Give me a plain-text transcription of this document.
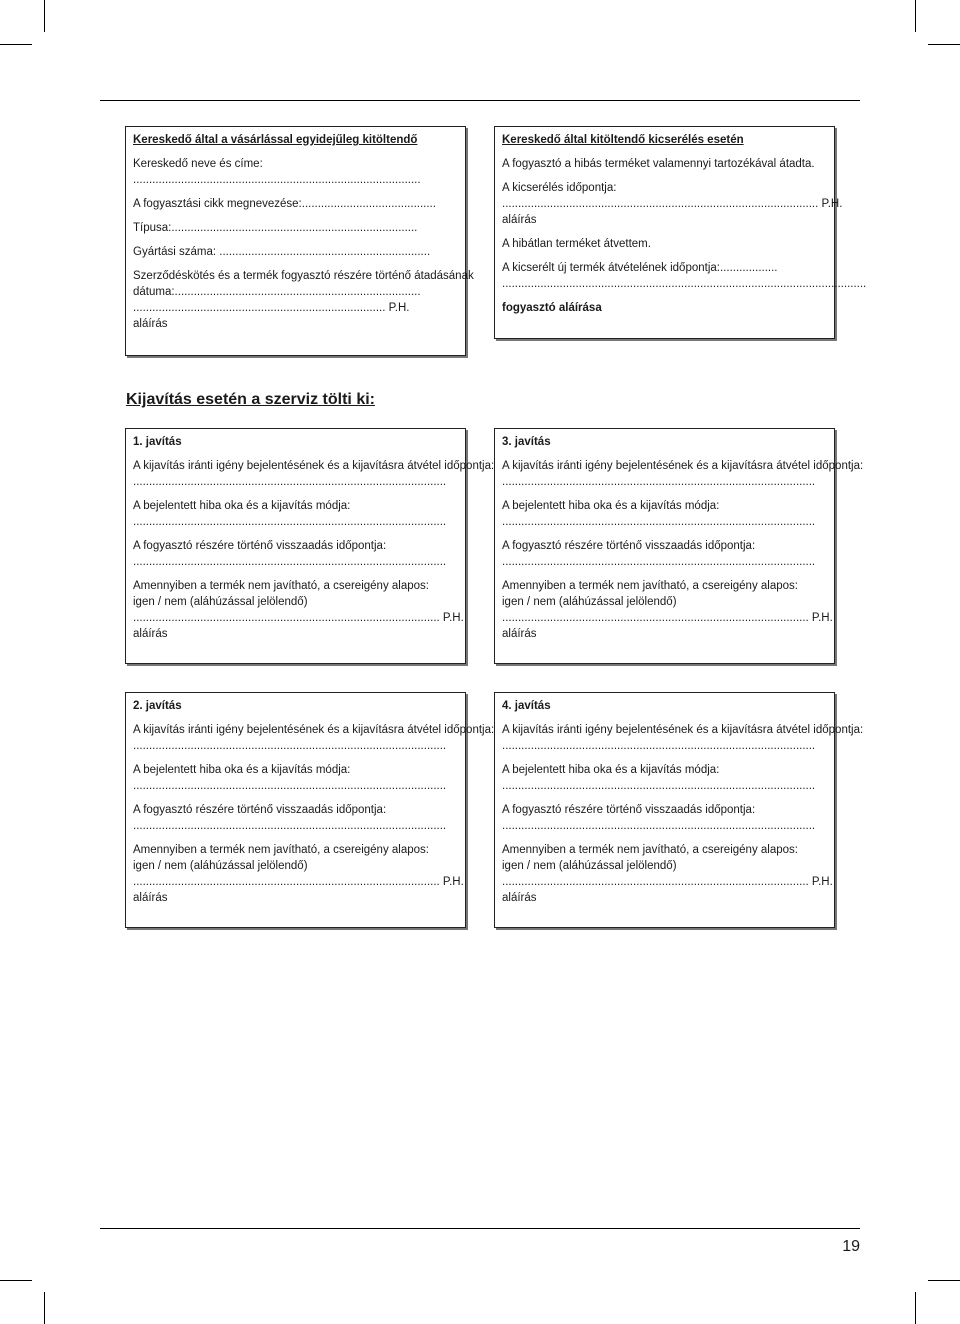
Kereskedő által a vásárlással egyidejűleg kitöltendő
Kereskedő neve és címe:
..........................................................................................
A fogyasztási cikk megnevezése:..........................................
Típusa:.............................................................................
Gyártási száma: ..................................................................
Szerződéskötés és a termék fogyasztó részére történő átadásának
dátuma:.............................................................................
............................................................................... P.H.
aláírás
Kereskedő által kitöltendő kicserélés esetén
A fogyasztó a hibás terméket valamennyi tartozékával átadta.
A kicserélés időpontja:
................................................................................................... P.H.
aláírás
A hibátlan terméket átvettem.
A kicserélt új termék átvételének időpontja:..................
..................................................................................................................
fogyasztó aláírása
Kijavítás esetén a szerviz tölti ki:
1. javítás
A kijavítás iránti igény bejelentésének és a kijavításra átvétel időpontja:
..................................................................................................
A bejelentett hiba oka és a kijavítás módja:
..................................................................................................
A fogyasztó részére történő visszaadás időpontja:
..................................................................................................
Amennyiben a termék nem javítható, a csereigény alapos:
igen / nem (aláhúzással jelölendő)
................................................................................................ P.H.
aláírás
3. javítás
A kijavítás iránti igény bejelentésének és a kijavításra átvétel időpontja:
..................................................................................................
A bejelentett hiba oka és a kijavítás módja:
..................................................................................................
A fogyasztó részére történő visszaadás időpontja:
..................................................................................................
Amennyiben a termék nem javítható, a csereigény alapos:
igen / nem (aláhúzással jelölendő)
................................................................................................ P.H.
aláírás
2. javítás
A kijavítás iránti igény bejelentésének és a kijavításra átvétel időpontja:
..................................................................................................
A bejelentett hiba oka és a kijavítás módja:
..................................................................................................
A fogyasztó részére történő visszaadás időpontja:
..................................................................................................
Amennyiben a termék nem javítható, a csereigény alapos:
igen / nem (aláhúzással jelölendő)
................................................................................................ P.H.
aláírás
4. javítás
A kijavítás iránti igény bejelentésének és a kijavításra átvétel időpontja:
..................................................................................................
A bejelentett hiba oka és a kijavítás módja:
..................................................................................................
A fogyasztó részére történő visszaadás időpontja:
..................................................................................................
Amennyiben a termék nem javítható, a csereigény alapos:
igen / nem (aláhúzással jelölendő)
................................................................................................ P.H.
aláírás
19
